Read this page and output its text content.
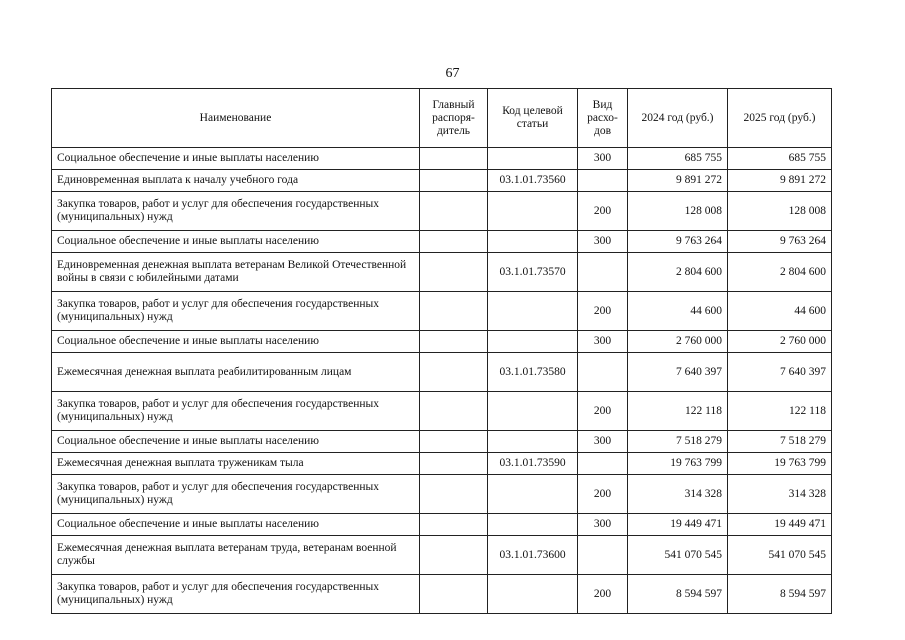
67
Наименование	Главный распоря-дитель	Код целевой статьи	Вид расхо-дов	2024 год (руб.)	2025 год (руб.)
Социальное обеспечение и иные выплаты населению			300	685 755	685 755
Единовременная выплата к началу учебного года		03.1.01.73560		9 891 272	9 891 272
Закупка товаров, работ и услуг для обеспечения государственных (муниципальных) нужд			200	128 008	128 008
Социальное обеспечение и иные выплаты населению			300	9 763 264	9 763 264
Единовременная денежная выплата ветеранам Великой Отечественной войны в связи с юбилейными датами		03.1.01.73570		2 804 600	2 804 600
Закупка товаров, работ и услуг для обеспечения государственных (муниципальных) нужд			200	44 600	44 600
Социальное обеспечение и иные выплаты населению			300	2 760 000	2 760 000
Ежемесячная денежная выплата реабилитированным лицам		03.1.01.73580		7 640 397	7 640 397
Закупка товаров, работ и услуг для обеспечения государственных (муниципальных) нужд			200	122 118	122 118
Социальное обеспечение и иные выплаты населению			300	7 518 279	7 518 279
Ежемесячная денежная выплата труженикам тыла		03.1.01.73590		19 763 799	19 763 799
Закупка товаров, работ и услуг для обеспечения государственных (муниципальных) нужд			200	314 328	314 328
Социальное обеспечение и иные выплаты населению			300	19 449 471	19 449 471
Ежемесячная денежная выплата ветеранам труда, ветеранам военной службы		03.1.01.73600		541 070 545	541 070 545
Закупка товаров, работ и услуг для обеспечения государственных (муниципальных) нужд			200	8 594 597	8 594 597
